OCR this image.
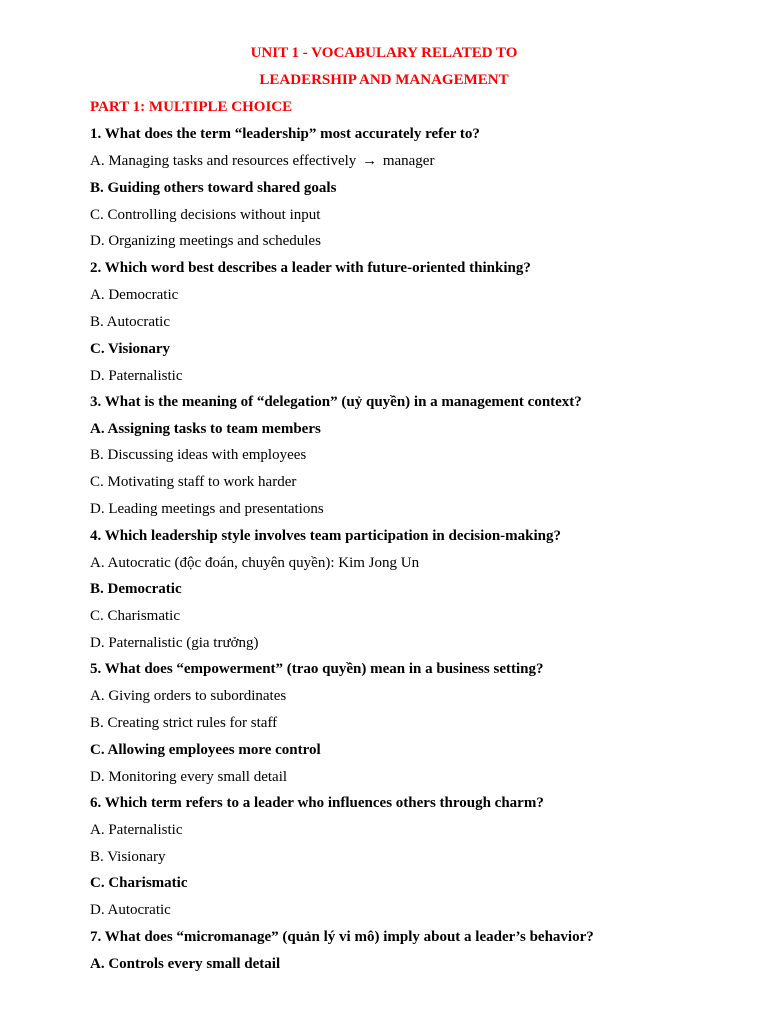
UNIT 1 - VOCABULARY RELATED TO
LEADERSHIP AND MANAGEMENT
PART 1: MULTIPLE CHOICE
1. What does the term “leadership” most accurately refer to?
A. Managing tasks and resources effectively → manager
B. Guiding others toward shared goals
C. Controlling decisions without input
D. Organizing meetings and schedules
2. Which word best describes a leader with future-oriented thinking?
A. Democratic
B. Autocratic
C. Visionary
D. Paternalistic
3. What is the meaning of “delegation” (uỷ quyền) in a management context?
A. Assigning tasks to team members
B. Discussing ideas with employees
C. Motivating staff to work harder
D. Leading meetings and presentations
4. Which leadership style involves team participation in decision-making?
A. Autocratic (độc đoán, chuyên quyền): Kim Jong Un
B. Democratic
C. Charismatic
D. Paternalistic (gia trưởng)
5. What does “empowerment” (trao quyền) mean in a business setting?
A. Giving orders to subordinates
B. Creating strict rules for staff
C. Allowing employees more control
D. Monitoring every small detail
6. Which term refers to a leader who influences others through charm?
A. Paternalistic
B. Visionary
C. Charismatic
D. Autocratic
7. What does “micromanage” (quản lý vi mô) imply about a leader’s behavior?
A. Controls every small detail
